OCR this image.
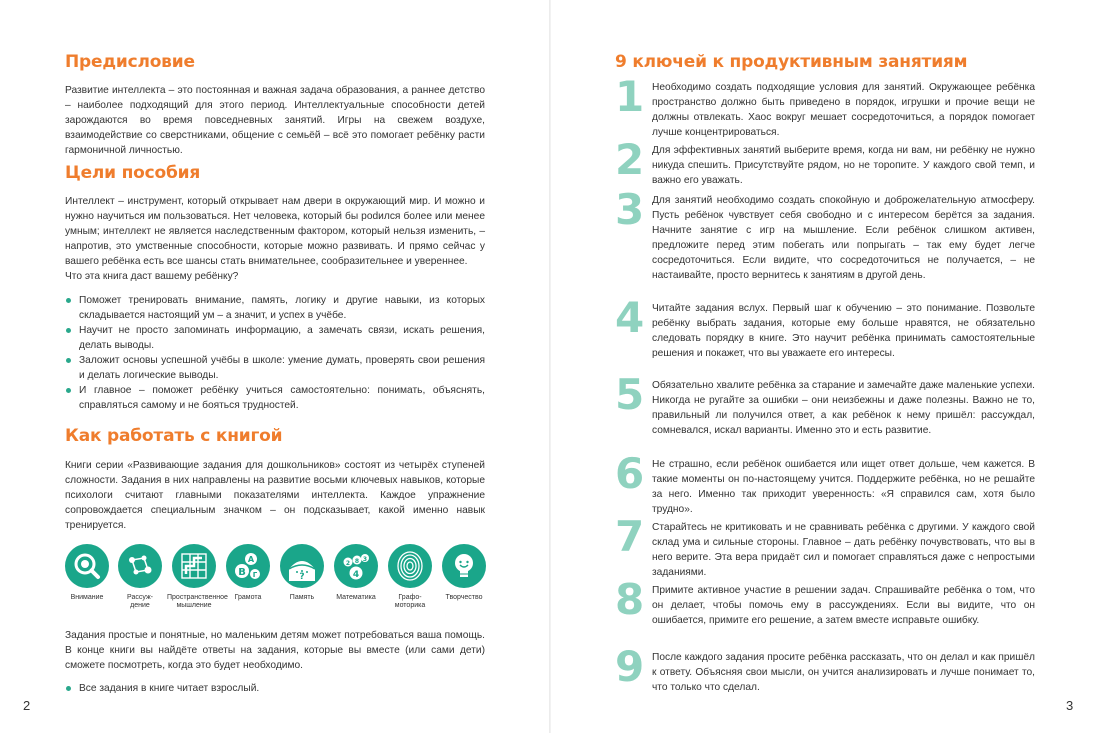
Предисловие

Развитие интеллекта – это постоянная и важная задача образования, а раннее детство – наиболее подходящий для этого период. Интеллектуальные способности детей зарождаются во время повседневных занятий. Игры на свежем воздухе, взаимодействие со сверстниками, общение с семьёй – всё это помогает ребёнку расти гармоничной личностью.

Цели пособия

Интеллект – инструмент, который открывает нам двери в окружающий мир. И можно и нужно научиться им пользоваться. Нет человека, который бы роdился более или менее умным; интеллект не является наследственным фактором, который нельзя изменить, – напротив, это умственные способности, которые можно развивать. И прямо сейчас у вашего ребёнка есть все шансы стать внимательнее, сообразительнее и увереннее.

Что эта книга даст вашему ребёнку?

Поможет тренировать внимание, память, логику и другие навыки, из которых складывается настоящий ум – а значит, и успех в учёбе.
Научит не просто запоминать информацию, а замечать связи, искать решения, делать выводы.
Заложит основы успешной учёбы в школе: умение думать, проверять свои решения и делать логические выводы.
И главное – поможет ребёнку учиться самостоятельно: понимать, объяснять, справляться самому и не бояться трудностей.
Как работать с книгой

Книги серии «Развивающие задания для дошкольников» состоят из четырёх ступеней сложности. Задания в них направлены на развитие восьми ключевых навыков, которые психологи считают главными показателями интеллекта. Каждое упражнение сопровождается специальным значком – он подсказывает, какой именно навык тренируется.

Внимание	Рассуж-
дение
Пространственное
мышление
А
В Г
Грамота
?
Память
2 8 3
4
Математика	Графо-
моторика
Творчество

Задания простые и понятные, но маленьким детям может потребоваться ваша помощь. В конце книги вы найдёте ответы на задания, которые вы вместе (или сами дети) сможете посмотреть, когда это будет необходимо.

Все задания в книге читает взрослый.
2
9 ключей к продуктивным занятиям
1 Необходимо создать подходящие условия для занятий. Окружающее ребёнка пространство должно быть приведено в порядок, игрушки и прочие вещи не должны отвлекать. Хаос вокруг мешает сосредоточиться, а порядок помогает лучше концентрироваться.

2 Для эффективных занятий выберите время, когда ни вам, ни ребёнку не нужно никуда спешить. Присутствуйте рядом, но не торопите. У каждого свой темп, и важно его уважать.

3 Для занятий необходимо создать спокойную и доброжелательную атмосферу. Пусть ребёнок чувствует себя свободно и с интересом берётся за задания. Начните занятие с игр на мышление. Если ребёнок слишком активен, предложите перед этим побегать или попрыгать – так ему будет легче сосредоточиться. Если видите, что сосредоточиться не получается, – не настаивайте, просто вернитесь к занятиям в другой день.

4 Читайте задания вслух. Первый шаг к обучению – это понимание. Позвольте ребёнку выбрать задания, которые ему больше нравятся, не обязательно следовать порядку в книге. Это научит ребёнка принимать самостоятельные решения и покажет, что вы уважаете его интересы.

5 Обязательно хвалите ребёнка за старание и замечайте даже маленькие успехи. Никогда не ругайте за ошибки – они неизбежны и даже полезны. Важно не то, правильный ли получился ответ, а как ребёнок к нему пришёл: рассуждал, сомневался, искал варианты. Именно это и есть развитие.

6 Не страшно, если ребёнок ошибается или ищет ответ дольше, чем кажется. В такие моменты он по-настоящему учится. Поддержите ребёнка, но не решайте за него. Именно так приходит уверенность: «Я справился сам, хотя было трудно».

7 Старайтесь не критиковать и не сравнивать ребёнка с другими. У каждого свой склад ума и сильные стороны. Главное – дать ребёнку почувствовать, что вы в него верите. Эта вера придаёт сил и помогает справляться даже с непростыми заданиями.

8 Примите активное участие в решении задач. Спрашивайте ребёнка о том, что он делает, чтобы помочь ему в рассуждениях. Если вы видите, что он ошибается, примите его решение, а затем вместе исправьте ошибку.

9 После каждого задания просите ребёнка рассказать, что он делал и как пришёл к ответу. Объясняя свои мысли, он учится анализировать и лучше понимает то, что только что сделал.

3
